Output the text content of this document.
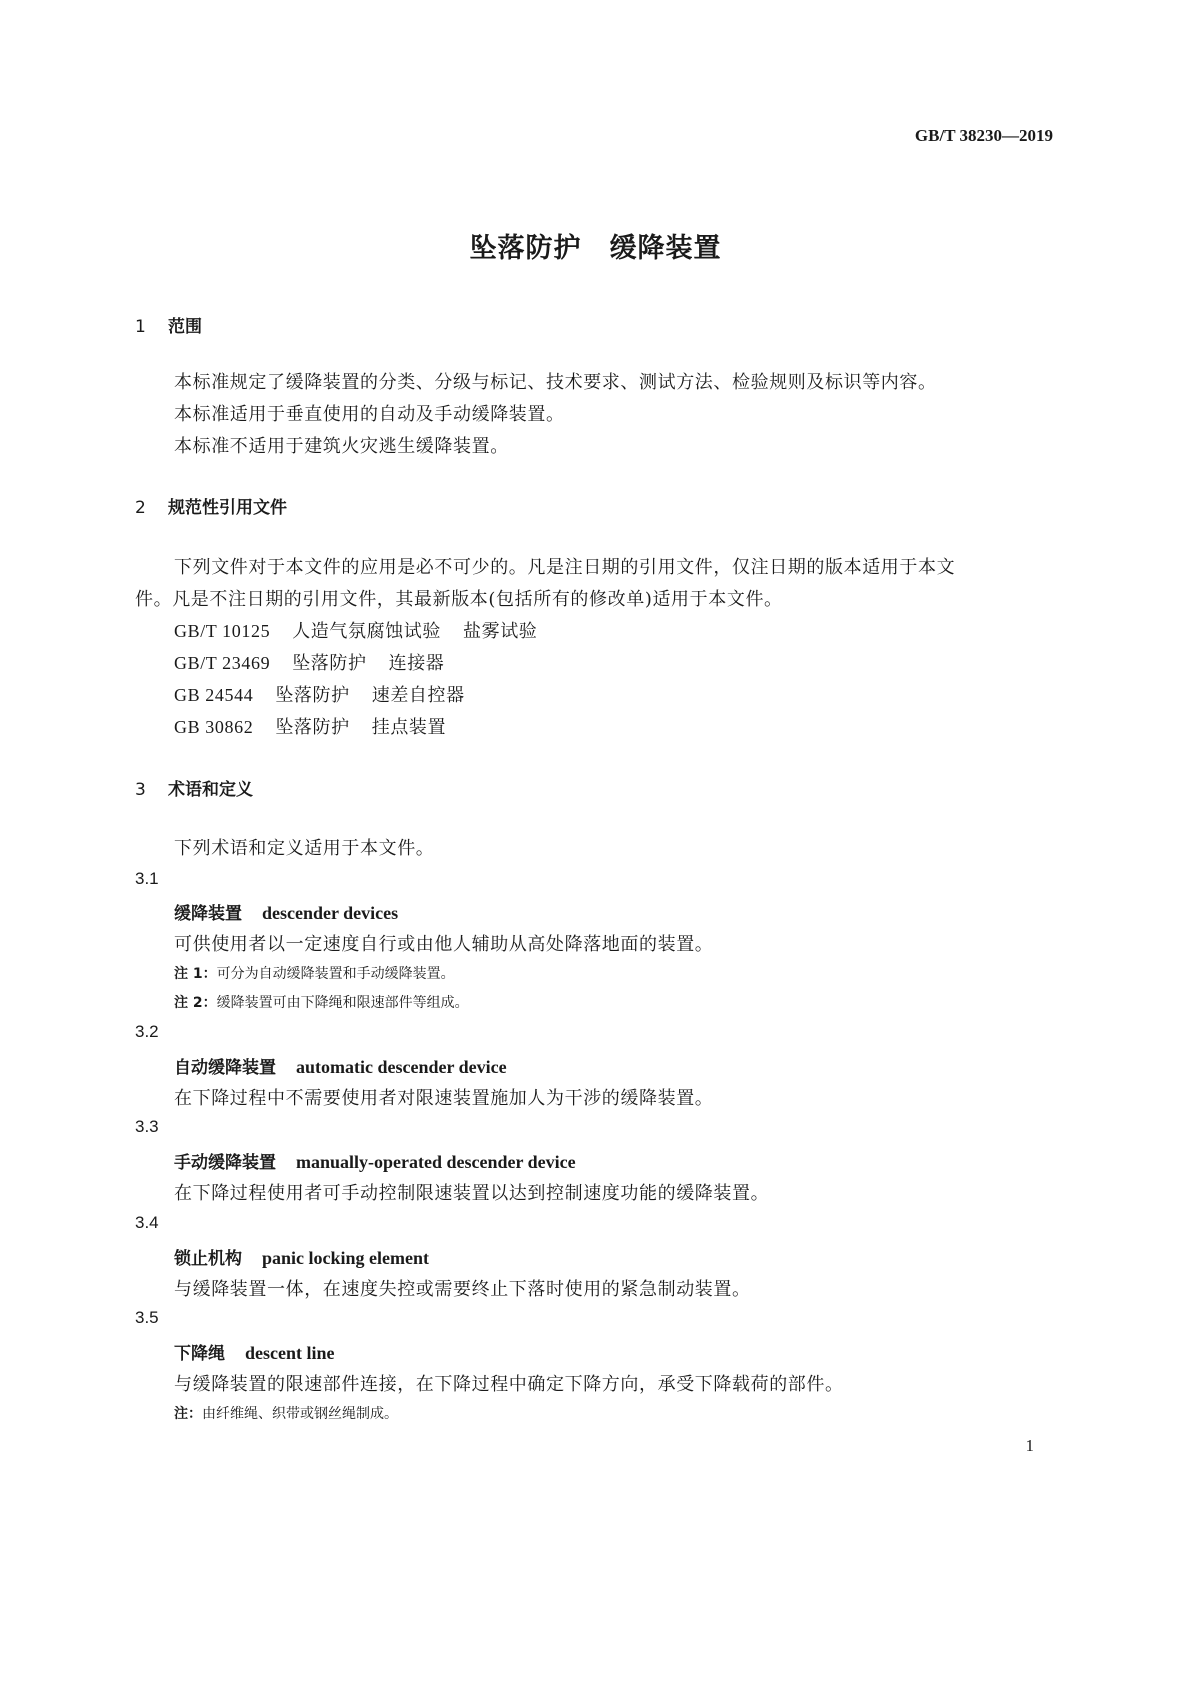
GB/T 38230—2019
坠落防护　缓降装置
1 范围
本标准规定了缓降装置的分类、分级与标记、技术要求、测试方法、检验规则及标识等内容。
本标准适用于垂直使用的自动及手动缓降装置。
本标准不适用于建筑火灾逃生缓降装置。
2 规范性引用文件
下列文件对于本文件的应用是必不可少的。凡是注日期的引用文件，仅注日期的版本适用于本文
件。凡是不注日期的引用文件，其最新版本(包括所有的修改单)适用于本文件。
GB/T 10125 人造气氛腐蚀试验 盐雾试验
GB/T 23469 坠落防护 连接器
GB 24544 坠落防护 速差自控器
GB 30862 坠落防护 挂点装置
3 术语和定义
下列术语和定义适用于本文件。
3.1
缓降装置 descender devices
可供使用者以一定速度自行或由他人辅助从高处降落地面的装置。
注 1：可分为自动缓降装置和手动缓降装置。
注 2：缓降装置可由下降绳和限速部件等组成。
3.2
自动缓降装置 automatic descender device
在下降过程中不需要使用者对限速装置施加人为干涉的缓降装置。
3.3
手动缓降装置 manually-operated descender device
在下降过程使用者可手动控制限速装置以达到控制速度功能的缓降装置。
3.4
锁止机构 panic locking element
与缓降装置一体，在速度失控或需要终止下落时使用的紧急制动装置。
3.5
下降绳 descent line
与缓降装置的限速部件连接，在下降过程中确定下降方向，承受下降载荷的部件。
注：由纤维绳、织带或钢丝绳制成。
1
